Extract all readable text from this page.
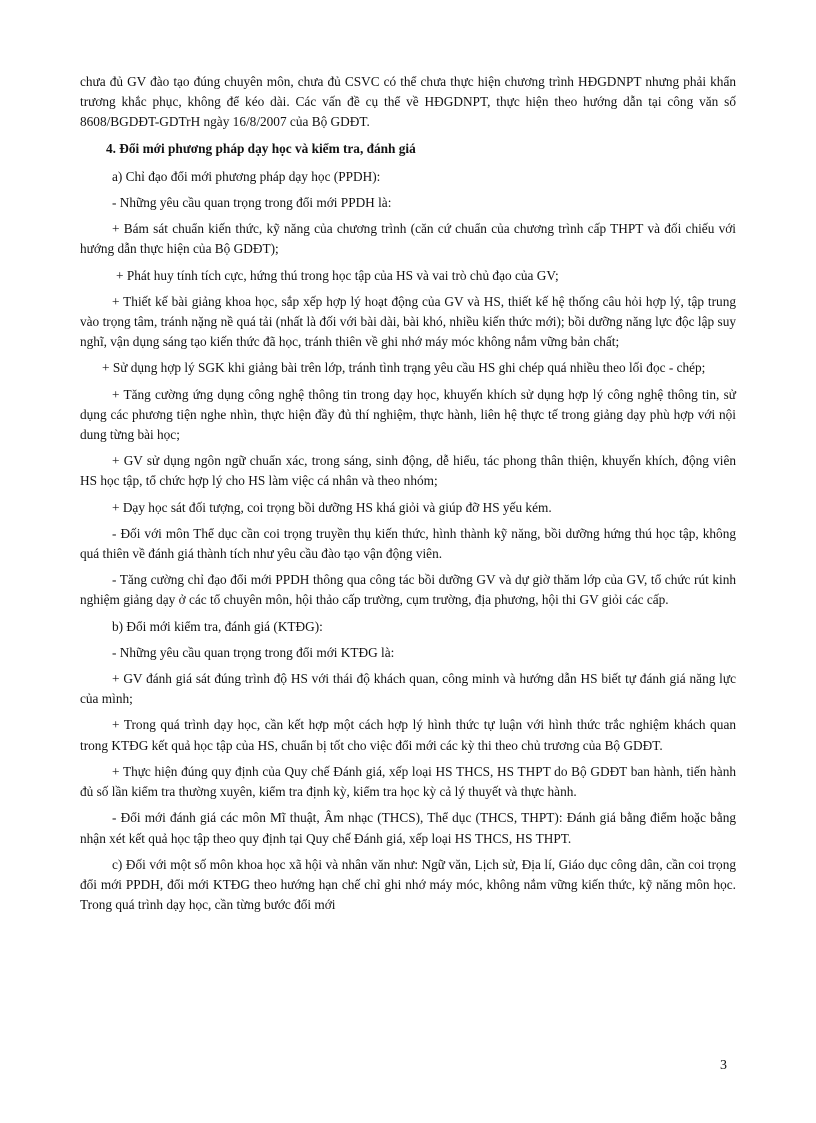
chưa đủ GV đào tạo đúng chuyên môn, chưa đủ CSVC có thể chưa thực hiện chương trình HĐGDNPT nhưng phải khẩn trương khắc phục, không để kéo dài. Các vấn đề cụ thể về HĐGDNPT, thực hiện theo hướng dẫn tại công văn số 8608/BGDĐT-GDTrH ngày 16/8/2007 của Bộ GDĐT.

4. Đổi mới phương pháp dạy học và kiểm tra, đánh giá

a) Chỉ đạo đổi mới phương pháp dạy học (PPDH):

- Những yêu cầu quan trọng trong đổi mới PPDH là:

+ Bám sát chuẩn kiến thức, kỹ năng của chương trình (căn cứ chuẩn của chương trình cấp THPT và đối chiếu với hướng dẫn thực hiện của Bộ GDĐT);

+ Phát huy tính tích cực, hứng thú trong học tập của HS và vai trò chủ đạo của GV;

+ Thiết kế bài giảng khoa học, sắp xếp hợp lý hoạt động của GV và HS, thiết kế hệ thống câu hỏi hợp lý, tập trung vào trọng tâm, tránh nặng nề quá tải (nhất là đối với bài dài, bài khó, nhiều kiến thức mới); bồi dưỡng năng lực độc lập suy nghĩ, vận dụng sáng tạo kiến thức đã học, tránh thiên về ghi nhớ máy móc không nắm vững bản chất;

+ Sử dụng hợp lý SGK khi giảng bài trên lớp, tránh tình trạng yêu cầu HS ghi chép quá nhiều theo lối đọc - chép;

+ Tăng cường ứng dụng công nghệ thông tin trong dạy học, khuyến khích sử dụng hợp lý công nghệ thông tin, sử dụng các phương tiện nghe nhìn, thực hiện đầy đủ thí nghiệm, thực hành, liên hệ thực tế trong giảng dạy phù hợp với nội dung từng bài học;

+ GV sử dụng ngôn ngữ chuẩn xác, trong sáng, sinh động, dễ hiểu, tác phong thân thiện, khuyến khích, động viên HS học tập, tổ chức hợp lý cho HS làm việc cá nhân và theo nhóm;

+ Dạy học sát đối tượng, coi trọng bồi dưỡng HS khá giỏi và giúp đỡ HS yếu kém.

- Đối với môn Thể dục cần coi trọng truyền thụ kiến thức, hình thành kỹ năng, bồi dưỡng hứng thú học tập, không quá thiên về đánh giá thành tích như yêu cầu đào tạo vận động viên.

- Tăng cường chỉ đạo đổi mới PPDH thông qua công tác bồi dưỡng GV và dự giờ thăm lớp của GV, tổ chức rút kinh nghiệm giảng dạy ở các tổ chuyên môn, hội thảo cấp trường, cụm trường, địa phương, hội thi GV giỏi các cấp.

b) Đổi mới kiểm tra, đánh giá (KTĐG):

- Những yêu cầu quan trọng trong đổi mới KTĐG là:

+ GV đánh giá sát đúng trình độ HS với thái độ khách quan, công minh và hướng dẫn HS biết tự đánh giá năng lực của mình;

+ Trong quá trình dạy học, cần kết hợp một cách hợp lý hình thức tự luận với hình thức trắc nghiệm khách quan trong KTĐG kết quả học tập của HS, chuẩn bị tốt cho việc đổi mới các kỳ thi theo chủ trương của Bộ GDĐT.

+ Thực hiện đúng quy định của Quy chế Đánh giá, xếp loại HS THCS, HS THPT do Bộ GDĐT ban hành, tiến hành đủ số lần kiểm tra thường xuyên, kiểm tra định kỳ, kiểm tra học kỳ cả lý thuyết và thực hành.

- Đổi mới đánh giá các môn Mĩ thuật, Âm nhạc (THCS), Thể dục (THCS, THPT): Đánh giá bằng điểm hoặc bằng nhận xét kết quả học tập theo quy định tại Quy chế Đánh giá, xếp loại HS THCS, HS THPT.

c) Đối với một số môn khoa học xã hội và nhân văn như: Ngữ văn, Lịch sử, Địa lí, Giáo dục công dân, cần coi trọng đổi mới PPDH, đổi mới KTĐG theo hướng hạn chế chỉ ghi nhớ máy móc, không nắm vững kiến thức, kỹ năng môn học. Trong quá trình dạy học, cần từng bước đổi mới

3
